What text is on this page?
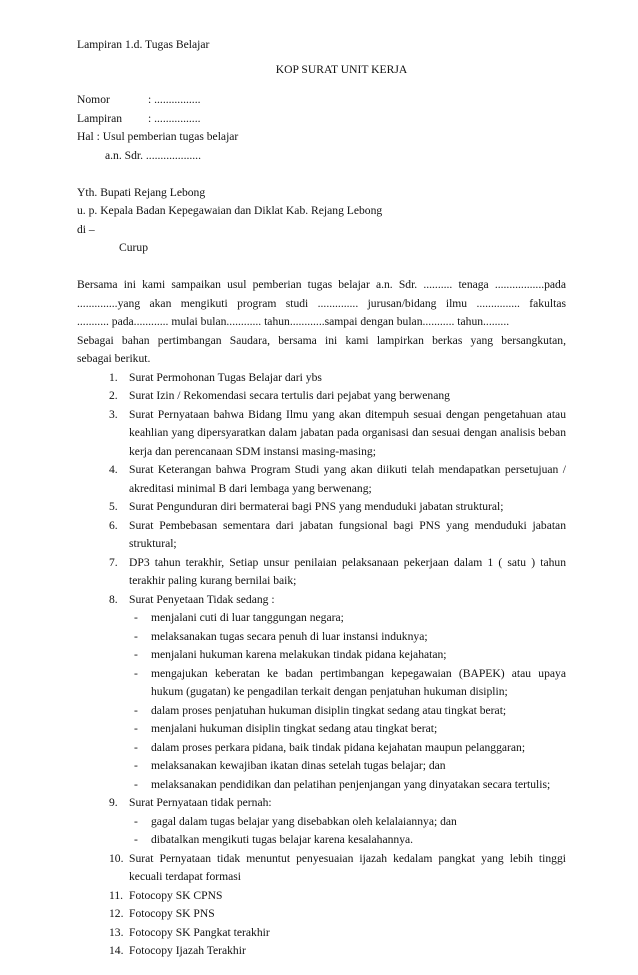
Lampiran 1.d. Tugas Belajar
KOP SURAT UNIT KERJA
Nomor	: ................
Lampiran	: ................
Hal : Usul pemberian tugas belajar
a.n. Sdr. ...................
Yth. Bupati Rejang Lebong
u. p. Kepala Badan Kepegawaian dan Diklat Kab. Rejang Lebong
di –
Curup
Bersama ini kami sampaikan usul pemberian tugas belajar a.n. Sdr. .......... tenaga .................pada
..............yang akan mengikuti program studi .............. jurusan/bidang ilmu ............... fakultas
........... pada............ mulai bulan............ tahun............sampai dengan bulan........... tahun.........
Sebagai bahan pertimbangan Saudara, bersama ini kami lampirkan berkas yang bersangkutan,
sebagai berikut.
1. Surat Permohonan Tugas Belajar dari ybs
2. Surat Izin / Rekomendasi secara tertulis dari pejabat yang berwenang
3. Surat Pernyataan bahwa Bidang Ilmu yang akan ditempuh sesuai dengan pengetahuan atau keahlian yang dipersyaratkan dalam jabatan pada organisasi dan sesuai dengan analisis beban kerja dan perencanaan SDM instansi masing-masing;
4. Surat Keterangan bahwa Program Studi yang akan diikuti telah mendapatkan persetujuan / akreditasi minimal B dari lembaga yang berwenang;
5. Surat Pengunduran diri bermaterai bagi PNS yang menduduki jabatan struktural;
6. Surat Pembebasan sementara dari jabatan fungsional bagi PNS yang menduduki jabatan struktural;
7. DP3 tahun terakhir, Setiap unsur penilaian pelaksanaan pekerjaan dalam 1 ( satu ) tahun terakhir paling kurang bernilai baik;
8. Surat Penyetaan Tidak sedang :
-	menjalani cuti di luar tanggungan negara;
-	melaksanakan tugas secara penuh di luar instansi induknya;
-	menjalani hukuman karena melakukan tindak pidana kejahatan;
-	mengajukan keberatan ke badan pertimbangan kepegawaian (BAPEK) atau upaya hukum (gugatan) ke pengadilan terkait dengan penjatuhan hukuman disiplin;
-	dalam proses penjatuhan hukuman disiplin tingkat sedang atau tingkat berat;
-	menjalani hukuman disiplin tingkat sedang atau tingkat berat;
-	dalam proses perkara pidana, baik tindak pidana kejahatan maupun pelanggaran;
-	melaksanakan kewajiban ikatan dinas setelah tugas belajar; dan
-	melaksanakan pendidikan dan pelatihan penjenjangan yang dinyatakan secara tertulis;
9. Surat Pernyataan tidak pernah:
-	gagal dalam tugas belajar yang disebabkan oleh kelalaiannya; dan
-	dibatalkan mengikuti tugas belajar karena kesalahannya.
10. Surat Pernyataan tidak menuntut penyesuaian ijazah kedalam pangkat yang lebih tinggi kecuali terdapat formasi
11. Fotocopy SK CPNS
12. Fotocopy SK PNS
13. Fotocopy SK Pangkat terakhir
14. Fotocopy Ijazah Terakhir
